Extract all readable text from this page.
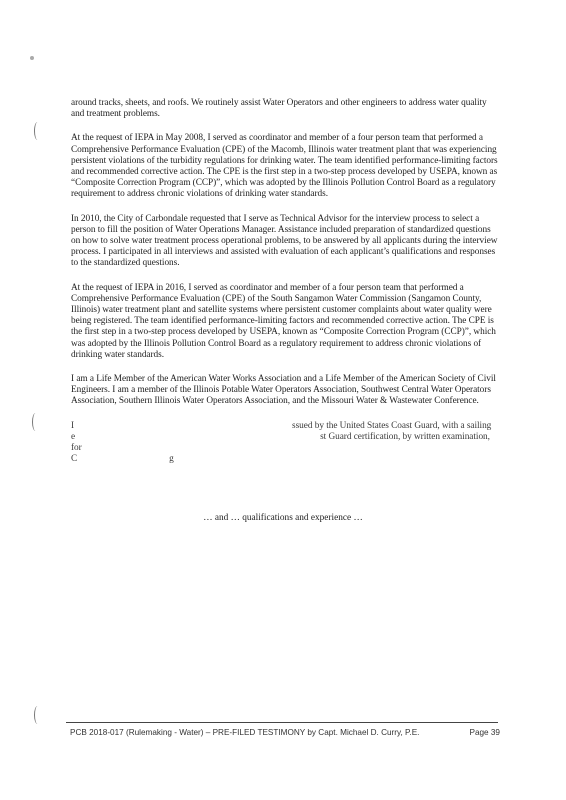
around tracks, sheets, and roofs. We routinely assist Water Operators and other engineers to address water quality and treatment problems.

At the request of IEPA in May 2008, I served as coordinator and member of a four person team that performed a Comprehensive Performance Evaluation (CPE) of the Macomb, Illinois water treatment plant that was experiencing persistent violations of the turbidity regulations for drinking water. The team identified performance-limiting factors and recommended corrective action. The CPE is the first step in a two-step process developed by USEPA, known as “Composite Correction Program (CCP)”, which was adopted by the Illinois Pollution Control Board as a regulatory requirement to address chronic violations of drinking water standards.

In 2010, the City of Carbondale requested that I serve as Technical Advisor for the interview process to select a person to fill the position of Water Operations Manager. Assistance included preparation of standardized questions on how to solve water treatment process operational problems, to be answered by all applicants during the interview process. I participated in all interviews and assisted with evaluation of each applicant’s qualifications and responses to the standardized questions.

At the request of IEPA in 2016, I served as coordinator and member of a four person team that performed a Comprehensive Performance Evaluation (CPE) of the South Sangamon Water Commission (Sangamon County, Illinois) water treatment plant and satellite systems where persistent customer complaints about water quality were being registered. The team identified performance-limiting factors and recommended corrective action. The CPE is the first step in a two-step process developed by USEPA, known as “Composite Correction Program (CCP)”, which was adopted by the Illinois Pollution Control Board as a regulatory requirement to address chronic violations of drinking water standards.

I am a Life Member of the American Water Works Association and a Life Member of the American Society of Civil Engineers. I am a member of the Illinois Potable Water Operators Association, Southwest Central Water Operators Association, Southern Illinois Water Operators Association, and the Missouri Water & Wastewater Conference.

I	ssued by the United States Coast Guard, with a sailing
e	st Guard certification, by written examination, for
C	g

… and … qualifications and experience …
PCB 2018-017 (Rulemaking - Water) – PRE-FILED TESTIMONY by Capt. Michael D. Curry, P.E.	Page 39
